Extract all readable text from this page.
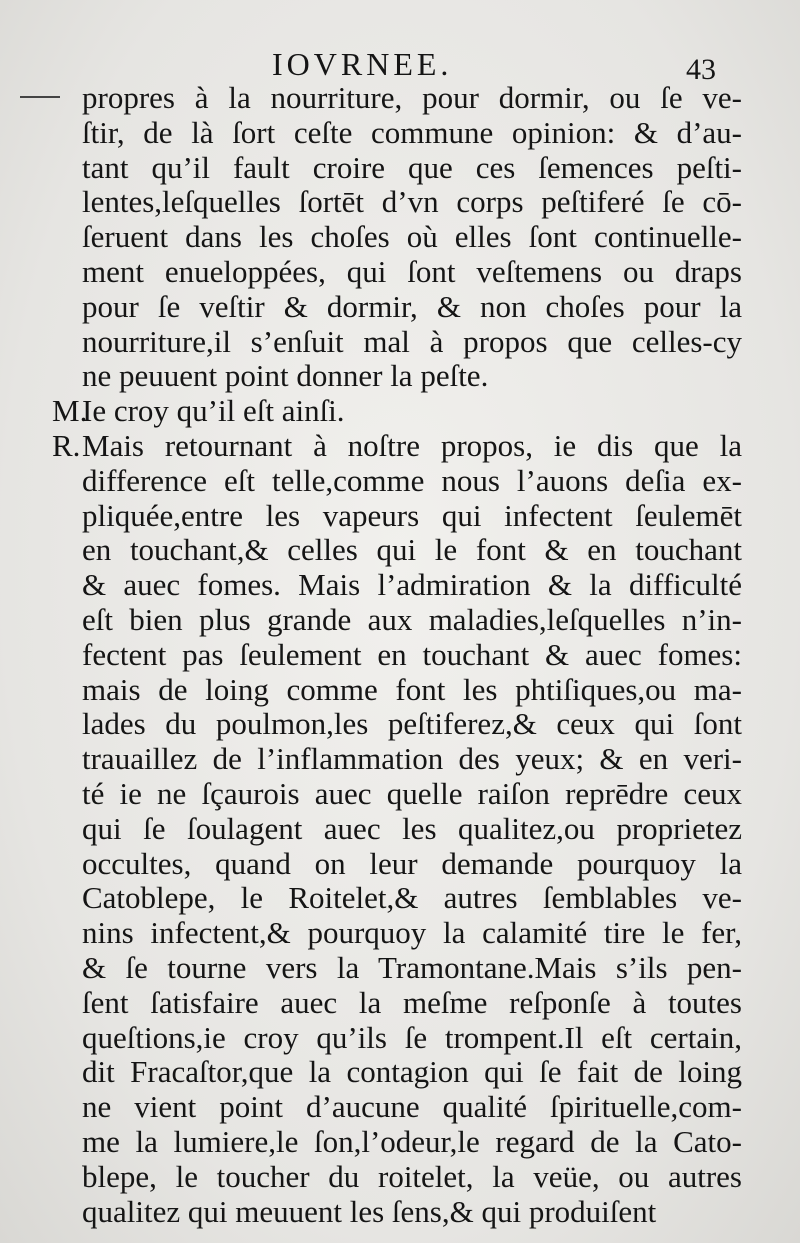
IOVRNEE.	43
propres à la nourriture, pour dormir, ou ſe ve-
ſtir, de là ſort ceſte commune opinion: & d’au-
tant qu’il fault croire que ces ſemences peſti-
lentes,leſquelles ſortēt d’vn corps peſtiferé ſe cō-
ſeruent dans les choſes où elles ſont continuelle-
ment enueloppées, qui ſont veſtemens ou draps
pour ſe veſtir & dormir, & non choſes pour la
nourriture,il s’enſuit mal à propos que celles-cy
ne peuuent point donner la peſte.
M.
Ie croy qu’il eſt ainſi.
R. Mais retournant à noſtre propos, ie dis que la
difference eſt telle,comme nous l’auons deſia ex-
pliquée,entre les vapeurs qui infectent ſeulemēt
en touchant,& celles qui le font & en touchant
& auec fomes. Mais l’admiration & la difficulté
eſt bien plus grande aux maladies,leſquelles n’in-
fectent pas ſeulement en touchant & auec fomes:
mais de loing comme font les phtiſiques,ou ma-
lades du poulmon,les peſtiferez,& ceux qui ſont
trauaillez de l’inflammation des yeux; & en veri-
té ie ne ſçaurois auec quelle raiſon reprēdre ceux
qui ſe ſoulagent auec les qualitez,ou proprietez
occultes, quand on leur demande pourquoy la
Catoblepe, le Roitelet,& autres ſemblables ve-
nins infectent,& pourquoy la calamité tire le fer,
& ſe tourne vers la Tramontane.Mais s’ils pen-
ſent ſatisfaire auec la meſme reſponſe à toutes
queſtions,ie croy qu’ils ſe trompent.Il eſt certain,
dit Fracaſtor,que la contagion qui ſe fait de loing
ne vient point d’aucune qualité ſpirituelle,com-
me la lumiere,le ſon,l’odeur,le regard de la Cato-
blepe, le toucher du roitelet, la veüe, ou autres
qualitez qui meuuent les ſens,& qui produiſent
